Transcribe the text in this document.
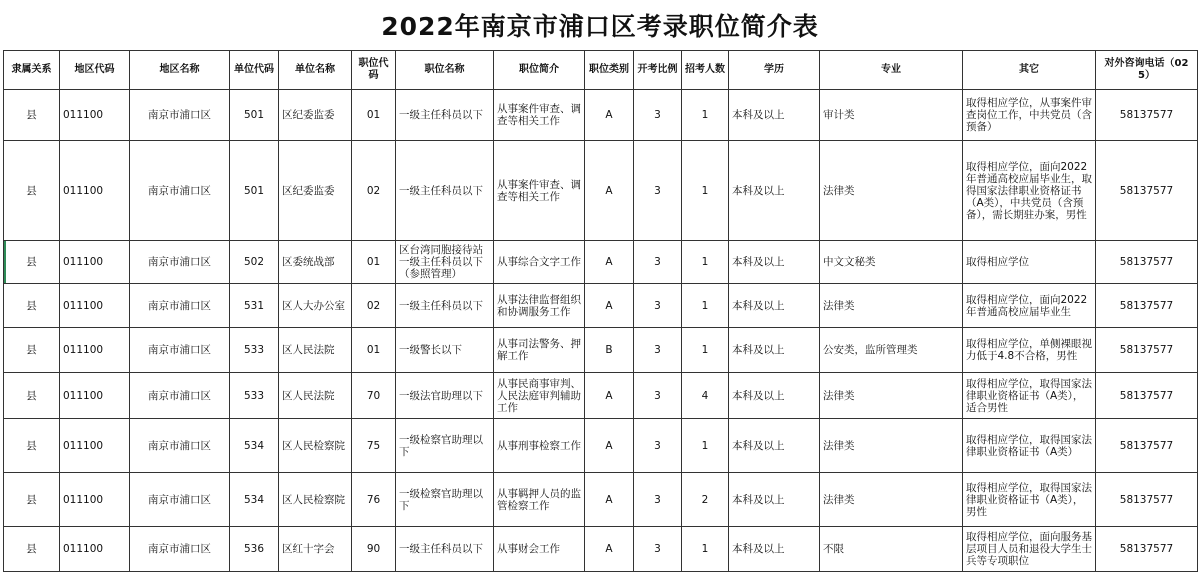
2022年南京市浦口区考录职位简介表
隶属关系	地区代码	地区名称	单位代码	单位名称	职位代码	职位名称	职位简介	职位类别	开考比例	招考人数	学历	专业	其它	对外咨询电话（025）
县	011100	南京市浦口区	501	区纪委监委	01	一级主任科员以下	从事案件审查、调查等相关工作	A	3	1	本科及以上	审计类	取得相应学位，从事案件审查岗位工作，中共党员（含预备）	58137577
县	011100	南京市浦口区	501	区纪委监委	02	一级主任科员以下	从事案件审查、调查等相关工作	A	3	1	本科及以上	法律类	取得相应学位，面向2022年普通高校应届毕业生，取得国家法律职业资格证书（A类），中共党员（含预备），需长期驻办案，男性	58137577
县	011100	南京市浦口区	502	区委统战部	01	区台湾同胞接待站一级主任科员以下（参照管理）	从事综合文字工作	A	3	1	本科及以上	中文文秘类	取得相应学位	58137577
县	011100	南京市浦口区	531	区人大办公室	02	一级主任科员以下	从事法律监督组织和协调服务工作	A	3	1	本科及以上	法律类	取得相应学位，面向2022年普通高校应届毕业生	58137577
县	011100	南京市浦口区	533	区人民法院	01	一级警长以下	从事司法警务、押解工作	B	3	1	本科及以上	公安类，监所管理类	取得相应学位，单侧裸眼视力低于4.8不合格，男性	58137577
县	011100	南京市浦口区	533	区人民法院	70	一级法官助理以下	从事民商事审判、人民法庭审判辅助工作	A	3	4	本科及以上	法律类	取得相应学位，取得国家法律职业资格证书（A类），适合男性	58137577
县	011100	南京市浦口区	534	区人民检察院	75	一级检察官助理以下	从事刑事检察工作	A	3	1	本科及以上	法律类	取得相应学位，取得国家法律职业资格证书（A类）	58137577
县	011100	南京市浦口区	534	区人民检察院	76	一级检察官助理以下	从事羁押人员的监管检察工作	A	3	2	本科及以上	法律类	取得相应学位，取得国家法律职业资格证书（A类），男性	58137577
县	011100	南京市浦口区	536	区红十字会	90	一级主任科员以下	从事财会工作	A	3	1	本科及以上	不限	取得相应学位，面向服务基层项目人员和退役大学生士兵等专项职位	58137577
